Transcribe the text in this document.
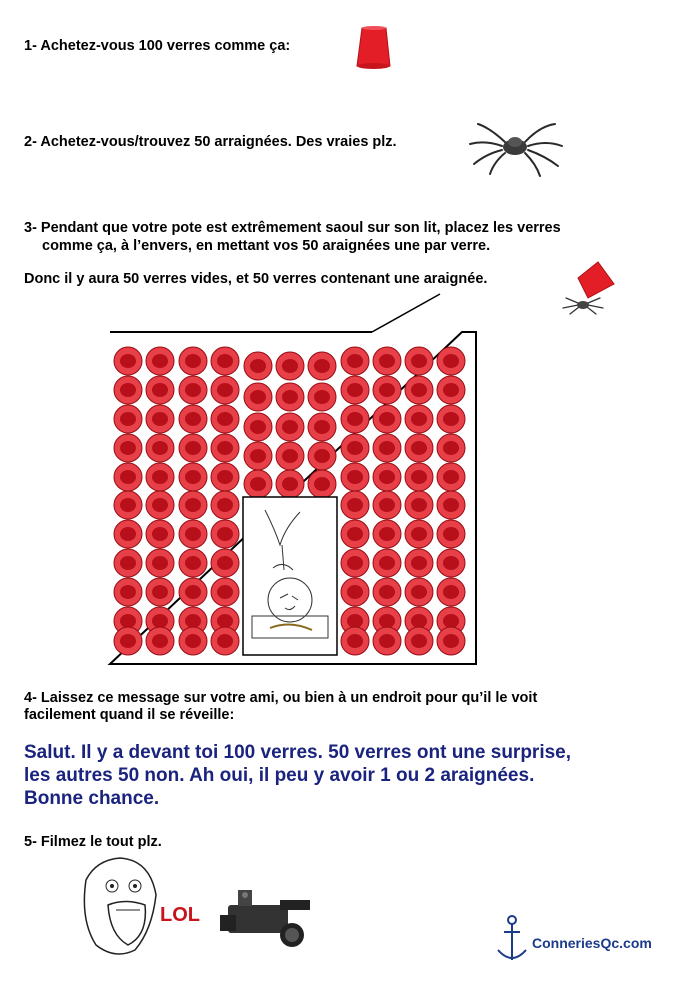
1- Achetez-vous 100 verres comme ça:
2- Achetez-vous/trouvez 50 arraignées. Des vraies plz.
3- Pendant que votre pote est extrêmement saoul sur son lit, placez les verres
comme ça, à l’envers, en mettant vos 50 araignées une par verre.
Donc il y aura 50 verres vides, et 50 verres contenant une araignée.
4- Laissez ce message sur votre ami, ou bien à un endroit pour qu’il le voit
facilement quand il se réveille:
Salut. Il y a devant toi 100 verres. 50 verres ont une surprise,
les autres 50 non. Ah oui, il peu y avoir 1 ou 2 araignées.
Bonne chance.
5- Filmez le tout plz.
LOL
ConneriesQc.com
